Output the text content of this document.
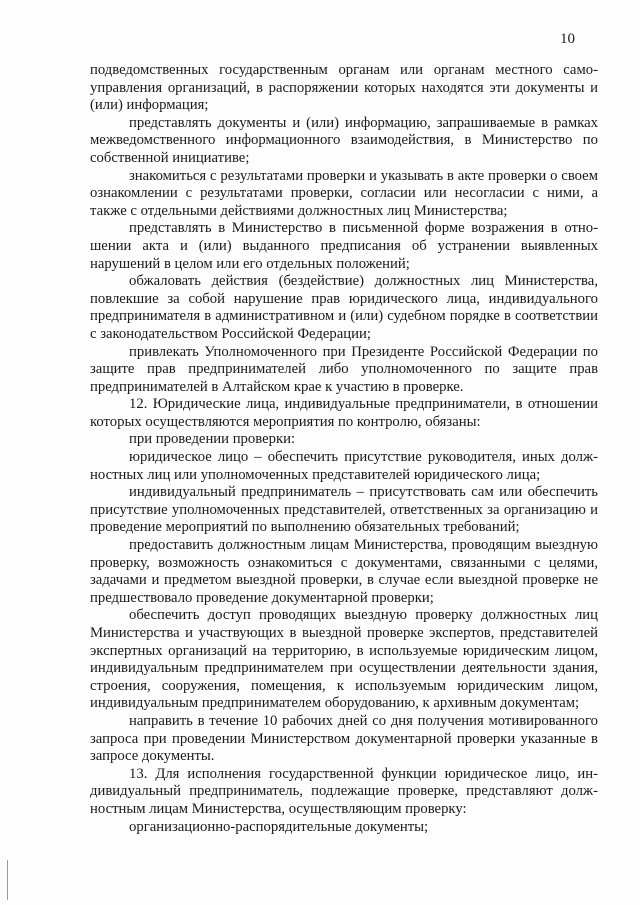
10

подведомственных государственным органам или органам местного самоуправления организаций, в распоряжении которых находятся эти документы и (или) информация;

представлять документы и (или) информацию, запрашиваемые в рамках межведомственного информационного взаимодействия, в Министерство по собственной инициативе;

знакомиться с результатами проверки и указывать в акте проверки о своем ознакомлении с результатами проверки, согласии или несогласии с ними, а также с отдельными действиями должностных лиц Министерства;

представлять в Министерство в письменной форме возражения в отношении акта и (или) выданного предписания об устранении выявленных нарушений в целом или его отдельных положений;

обжаловать действия (бездействие) должностных лиц Министерства, повлекшие за собой нарушение прав юридического лица, индивидуального предпринимателя в административном и (или) судебном порядке в соответствии с законодательством Российской Федерации;

привлекать Уполномоченного при Президенте Российской Федерации по защите прав предпринимателей либо уполномоченного по защите прав предпринимателей в Алтайском крае к участию в проверке.

12. Юридические лица, индивидуальные предприниматели, в отношении которых осуществляются мероприятия по контролю, обязаны:

при проведении проверки:

юридическое лицо – обеспечить присутствие руководителя, иных должностных лиц или уполномоченных представителей юридического лица;

индивидуальный предприниматель – присутствовать сам или обеспечить присутствие уполномоченных представителей, ответственных за организацию и проведение мероприятий по выполнению обязательных требований;

предоставить должностным лицам Министерства, проводящим выездную проверку, возможность ознакомиться с документами, связанными с целями, задачами и предметом выездной проверки, в случае если выездной проверке не предшествовало проведение документарной проверки;

обеспечить доступ проводящих выездную проверку должностных лиц Министерства и участвующих в выездной проверке экспертов, представителей экспертных организаций на территорию, в используемые юридическим лицом, индивидуальным предпринимателем при осуществлении деятельности здания, строения, сооружения, помещения, к используемым юридическим лицом, индивидуальным предпринимателем оборудованию, к архивным документам;

направить в течение 10 рабочих дней со дня получения мотивированного запроса при проведении Министерством документарной проверки указанные в запросе документы.

13. Для исполнения государственной функции юридическое лицо, индивидуальный предприниматель, подлежащие проверке, представляют должностным лицам Министерства, осуществляющим проверку:

организационно-распорядительные документы;
